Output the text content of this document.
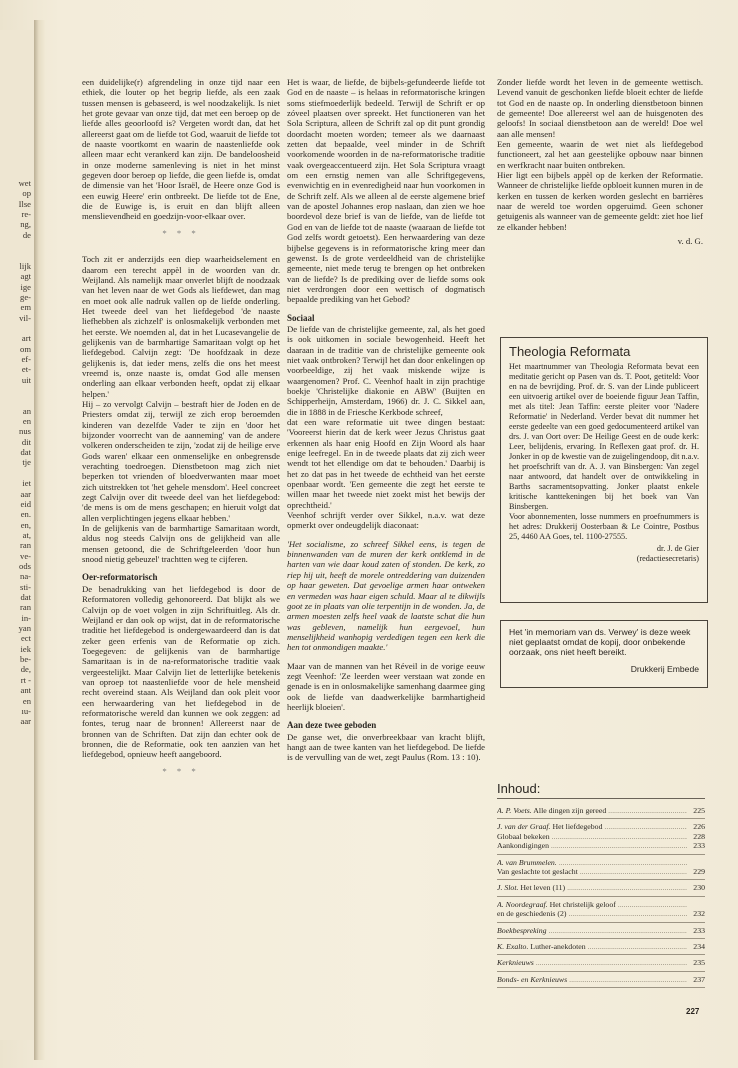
wet
op
Ilse
re-
ng,
de
lijk
agt
ige
ge-
em
vil-
art
om
ef-
et-
uit
an
en
nus
dit
dat
tje
iet
aar
eid
en.
en,
at,
ran
ve-
ods
na-
sti-
dat
ran
in-
yan
ect
iek
be-
de,
rt -
ant
en
ıu-
aar

een duidelijke(r) afgrendeling in onze tijd naar een ethiek, die louter op het begrip liefde, als een zaak tussen mensen is gebaseerd, is wel noodzakelijk. Is niet het grote gevaar van onze tijd, dat met een beroep op de liefde alles geoorloofd is? Vergeten wordt dan, dat het allereerst gaat om de liefde tot God, waaruit de liefde tot de naaste voortkomt en waarin de naastenliefde ook alleen maar echt verankerd kan zijn. De bandeloosheid in onze moderne samenleving is niet in het minst gegeven door beroep op liefde, die geen liefde is, omdat de dimensie van het 'Hoor Israël, de Heere onze God is een euwig Heere' erin ontbreekt. De liefde tot de Ene, die de Euwige is, is eruit en dan blijft alleen menslievendheid en goedzijn-voor-elkaar over.

* * *

Toch zit er anderzijds een diep waarheidselement en daarom een terecht appèl in de woorden van dr. Weijland. Als namelijk maar onverlet blijft de noodzaak van het leven naar de wet Gods als liefdewet, dan mag en moet ook alle nadruk vallen op de liefde onderling. Het tweede deel van het liefdegebod 'de naaste liefhebben als zichzelf' is onlosmakelijk verbonden met het eerste. We noemden al, dat in het Lucasevangelie de gelijkenis van de barmhartige Samaritaan volgt op het liefdegebod. Calvijn zegt: 'De hoofdzaak in deze gelijkenis is, dat ieder mens, zelfs die ons het meest vreemd is, onze naaste is, omdat God alle mensen onderling aan elkaar verbonden heeft, opdat zij elkaar helpen.'

Hij – zo vervolgt Calvijn – bestraft hier de Joden en de Priesters omdat zij, terwijl ze zich erop beroemden kinderen van dezelfde Vader te zijn en 'door het bijzonder voorrecht van de aanneming' van de andere volkeren onderscheiden te zijn, 'zodat zij de heilige erve Gods waren' elkaar een onmenselijke en onbegrensde verachting toedroegen. Dienstbetoon mag zich niet beperken tot vrienden of bloedverwanten maar moet zich uitstrekken tot 'het gehele mensdom'. Heel concreet zegt Calvijn over dit tweede deel van het liefdegebod: 'de mens is om de mens geschapen; en hieruit volgt dat allen verplichtingen jegens elkaar hebben.'

In de gelijkenis van de barmhartige Samaritaan wordt, aldus nog steeds Calvijn ons de gelijkheid van alle mensen getoond, die de Schriftgeleerden 'door hun snood nietig gebeuzel' trachtten weg te cijferen.

Oer-reformatorisch

De benadrukking van het liefdegebod is door de Reformatoren volledig gehonoreerd. Dat blijkt als we Calvijn op de voet volgen in zijn Schriftuitleg. Als dr. Weijland er dan ook op wijst, dat in de reformatorische traditie het liefdegebod is ondergewaardeerd dan is dat zeker geen erfenis van de Reformatie op zich. Toegegeven: de gelijkenis van de barmhartige Samaritaan is in de na-reformatorische traditie vaak vergeestelijkt. Maar Calvijn liet de letterlijke betekenis van oproep tot naastenliefde voor de hele mensheid recht overeind staan. Als Weijland dan ook pleit voor een herwaardering van het liefdegebod in de reformatorische wereld dan kunnen we ook zeggen: ad fontes, terug naar de bronnen! Allereerst naar de bronnen van de Schriften. Dat zijn dan echter ook de bronnen, die de Reformatie, ook ten aanzien van het liefdegebod, opnieuw heeft aangeboord.

* * *

Het is waar, de liefde, de bijbels-gefundeerde liefde tot God en de naaste – is helaas in reformatorische kringen soms stiefmoederlijk bedeeld. Terwijl de Schrift er op zóveel plaatsen over spreekt. Het functioneren van het Sola Scriptura, alleen de Schrift zal op dit punt grondig doordacht moeten worden; temeer als we daarnaast zetten dat bepaalde, veel minder in de Schrift voorkomende woorden in de na-reformatorische traditie vaak overgeaccentueerd zijn. Het Sola Scriptura vraagt om een ernstig nemen van alle Schriftgegevens, evenwichtig en in evenredigheid naar hun voorkomen in de Schrift zelf. Als we alleen al de eerste algemene brief van de apostel Johannes erop naslaan, dan zien we hoe boordevol deze brief is van de liefde, van de liefde tot God en van de liefde tot de naaste (waaraan de liefde tot God zelfs wordt getoetst). Een herwaardering van deze bijbelse gegevens is in reformatorische kring meer dan gewenst. Is de grote verdeeldheid van de christelijke gemeente, niet mede terug te brengen op het ontbreken van de liefde? Is de prediking over de liefde soms ook niet verdrongen door een wettisch of dogmatisch bepaalde prediking van het Gebod?

Sociaal

De liefde van de christelijke gemeente, zal, als het goed is ook uitkomen in sociale bewogenheid. Heeft het daaraan in de traditie van de christelijke gemeente ook niet vaak ontbroken? Terwijl het dan door enkelingen op voorbeeldige, zij het vaak miskende wijze is waargenomen? Prof. C. Veenhof haalt in zijn prachtige boekje 'Christelijke diakonie en ABW' (Buijten en Schipperheijn, Amsterdam, 1966) dr. J. C. Sikkel aan, die in 1888 in de Friesche Kerkbode schreef,

dat een ware reformatie uit twee dingen bestaat: 'Vooreerst hierin dat de kerk weer Jezus Christus gaat erkennen als haar enig Hoofd en Zijn Woord als haar enige leefregel. En in de tweede plaats dat zij zich weer wendt tot het ellendige om dat te behouden.' Daarbij is het zo dat pas in het tweede de echtheid van het eerste openbaar wordt. 'Een gemeente die zegt het eerste te willen maar het tweede niet zoekt mist het bewijs der oprechtheid.'

Veenhof schrijft verder over Sikkel, n.a.v. wat deze opmerkt over ondeugdelijk diaconaat:

'Het socialisme, zo schreef Sikkel eens, is tegen de binnenwanden van de muren der kerk ontklemd in de harten van wie daar koud zaten of stonden. De kerk, zo riep hij uit, heeft de morele ontreddering van duizenden op haar geweten. Dat gevoelige armen haar ontweken en vermeden was haar eigen schuld. Maar al te dikwijls goot ze in plaats van olie terpentijn in de wonden. Ja, de armen moesten zelfs heel vaak de laatste schat die hun was gebleven, namelijk hun eergevoel, hun menselijkheid wanhopig verdedigen tegen een kerk die hen tot onmondigen maakte.'

Maar van de mannen van het Réveil in de vorige eeuw zegt Veenhof: 'Ze leerden weer verstaan wat zonde en genade is en in onlosmakelijke samenhang daarmee ging ook de liefde van daadwerkelijke barmhartigheid heerlijk bloeien'.

Aan deze twee geboden

De ganse wet, die onverbreekbaar van kracht blijft, hangt aan de twee kanten van het liefdegebod. De liefde is de vervulling van de wet, zegt Paulus (Rom. 13 : 10).

Zonder liefde wordt het leven in de gemeente wettisch. Levend vanuit de geschonken liefde bloeit echter de liefde tot God en de naaste op. In onderling dienstbetoon binnen de gemeente! Doe allereerst wel aan de huisgenoten des geloofs! In sociaal dienstbetoon aan de wereld! Doe wel aan alle mensen!

Een gemeente, waarin de wet niet als liefdegebod functioneert, zal het aan geestelijke opbouw naar binnen en werfkracht naar buiten ontbreken.

Hier ligt een bijbels appèl op de kerken der Reformatie. Wanneer de christelijke liefde opbloeit kunnen muren in de kerken en tussen de kerken worden geslecht en barrières naar de wereld toe worden opgeruimd. Geen schoner getuigenis als wanneer van de gemeente geldt: ziet hoe lief ze elkander hebben!

v. d. G.

Theologia Reformata

Het maartnummer van Theologia Reformata bevat een meditatie gericht op Pasen van ds. T. Poot, getiteld: Voor en na de bevrijding. Prof. dr. S. van der Linde publiceert een uitvoerig artikel over de boeiende figuur Jean Taffin, met als titel: Jean Taffin: eerste pleiter voor 'Nadere Reformatie' in Nederland. Verder bevat dit nummer het eerste gedeelte van een goed gedocumenteerd artikel van drs. J. van Oort over: De Heilige Geest en de oude kerk: Leer, belijdenis, ervaring. In Reflexen gaat prof. dr. H. Jonker in op de kwestie van de zuigelingendoop, dit n.a.v. het proefschrift van dr. A. J. van Binsbergen: Van zegel naar antwoord, dat handelt over de ontwikkeling in Barths sacramentsopvatting. Jonker plaatst enkele kritische kanttekeningen bij het boek van Van Binsbergen.

Voor abonnementen, losse nummers en proefnummers is het adres: Drukkerij Oosterbaan & Le Cointre, Postbus 25, 4460 AA Goes, tel. 1100-27555.

dr. J. de Gier
(redactiesecretaris)
Het 'in memoriam van ds. Verwey' is deze week niet geplaatst omdat de kopij, door onbekende oorzaak, ons niet heeft bereikt.
Drukkerij Embede
Inhoud:
A. P. Voets. Alle dingen zijn gereed .....	225
J. van der Graaf. Het liefdegebod .....	226
Globaal bekeken .....	228
Aankondigingen .....	233
A. van Brummelen. .....
Van geslachte tot geslacht .....	229
J. Slot. Het leven (11) .....	230
A. Noordegraaf. Het christelijk geloof .....
en de geschiedenis (2) .....	232
Boekbespreking .....	233
K. Exalto. Luther-anekdoten .....	234
Kerknieuws .....	235
Bonds- en Kerknieuws .....	237
227
